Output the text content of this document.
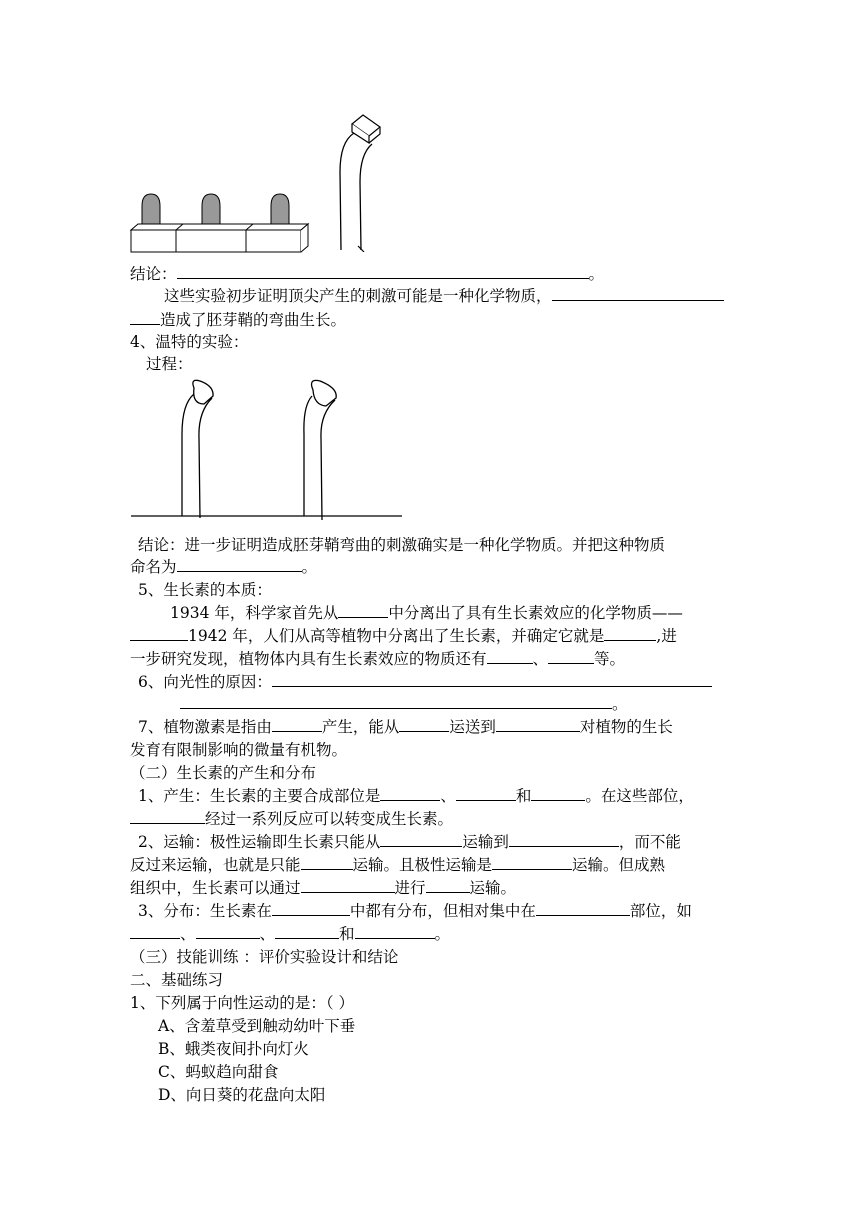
结论：	。
这些实验初步证明顶尖产生的刺激可能是一种化学物质，
造成了胚芽鞘的弯曲生长。
4、温特的实验：
过程：
结论：进一步证明造成胚芽鞘弯曲的刺激确实是一种化学物质。并把这种物质
命名为	。
5、生长素的本质：
1934 年，科学家首先从	中分离出了具有生长素效应的化学物质——
1942 年，人们从高等植物中分离出了生长素，并确定它就是	,进
一步研究发现，植物体内具有生长素效应的物质还有	、	等。
6、向光性的原因：
。
7、植物激素是指由	产生，能从	运送到	对植物的生长
发育有限制影响的微量有机物。
（二）生长素的产生和分布
1、产生：生长素的主要合成部位是	、	和	。在这些部位，
经过一系列反应可以转变成生长素。
2、运输：极性运输即生长素只能从	运输到	，而不能
反过来运输，也就是只能	运输。且极性运输是	运输。但成熟
组织中，生长素可以通过	进行	运输。
3、分布：生长素在	中都有分布，但相对集中在	部位，如
、	、	和	。
（三）技能训练 ：评价实验设计和结论
二、基础练习
1、下列属于向性运动的是：（ ）
A、含羞草受到触动幼叶下垂
B、蛾类夜间扑向灯火
C、蚂蚁趋向甜食
D、向日葵的花盘向太阳
